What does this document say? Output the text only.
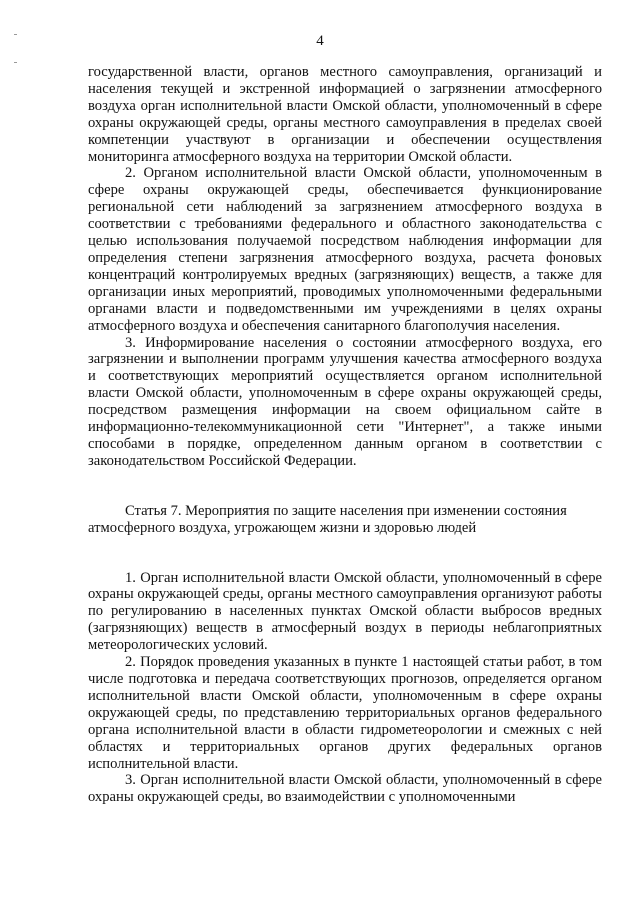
4

государственной власти, органов местного самоуправления, организаций и населения текущей и экстренной информацией о загрязнении атмосферного воздуха орган исполнительной власти Омской области, уполномоченный в сфере охраны окружающей среды, органы местного самоуправления в пределах своей компетенции участвуют в организации и обеспечении осуществления мониторинга атмосферного воздуха на территории Омской области.

2. Органом исполнительной власти Омской области, уполномоченным в сфере охраны окружающей среды, обеспечивается функционирование региональной сети наблюдений за загрязнением атмосферного воздуха в соответствии с требованиями федерального и областного законодательства с целью использования получаемой посредством наблюдения информации для определения степени загрязнения атмосферного воздуха, расчета фоновых концентраций контролируемых вредных (загрязняющих) веществ, а также для организации иных мероприятий, проводимых уполномоченными федеральными органами власти и подведомственными им учреждениями в целях охраны атмосферного воздуха и обеспечения санитарного благополучия населения.

3. Информирование населения о состоянии атмосферного воздуха, его загрязнении и выполнении программ улучшения качества атмосферного воздуха и соответствующих мероприятий осуществляется органом исполнительной власти Омской области, уполномоченным в сфере охраны окружающей среды, посредством размещения информации на своем официальном сайте в информационно-телекоммуникационной сети "Интернет", а также иными способами в порядке, определенном данным органом в соответствии с законодательством Российской Федерации.

Статья 7. Мероприятия по защите населения при изменении состояния атмосферного воздуха, угрожающем жизни и здоровью людей

1. Орган исполнительной власти Омской области, уполномоченный в сфере охраны окружающей среды, органы местного самоуправления организуют работы по регулированию в населенных пунктах Омской области выбросов вредных (загрязняющих) веществ в атмосферный воздух в периоды неблагоприятных метеорологических условий.

2. Порядок проведения указанных в пункте 1 настоящей статьи работ, в том числе подготовка и передача соответствующих прогнозов, определяется органом исполнительной власти Омской области, уполномоченным в сфере охраны окружающей среды, по представлению территориальных органов федерального органа исполнительной власти в области гидрометеорологии и смежных с ней областях и территориальных органов других федеральных органов исполнительной власти.

3. Орган исполнительной власти Омской области, уполномоченный в сфере охраны окружающей среды, во взаимодействии с уполномоченными
